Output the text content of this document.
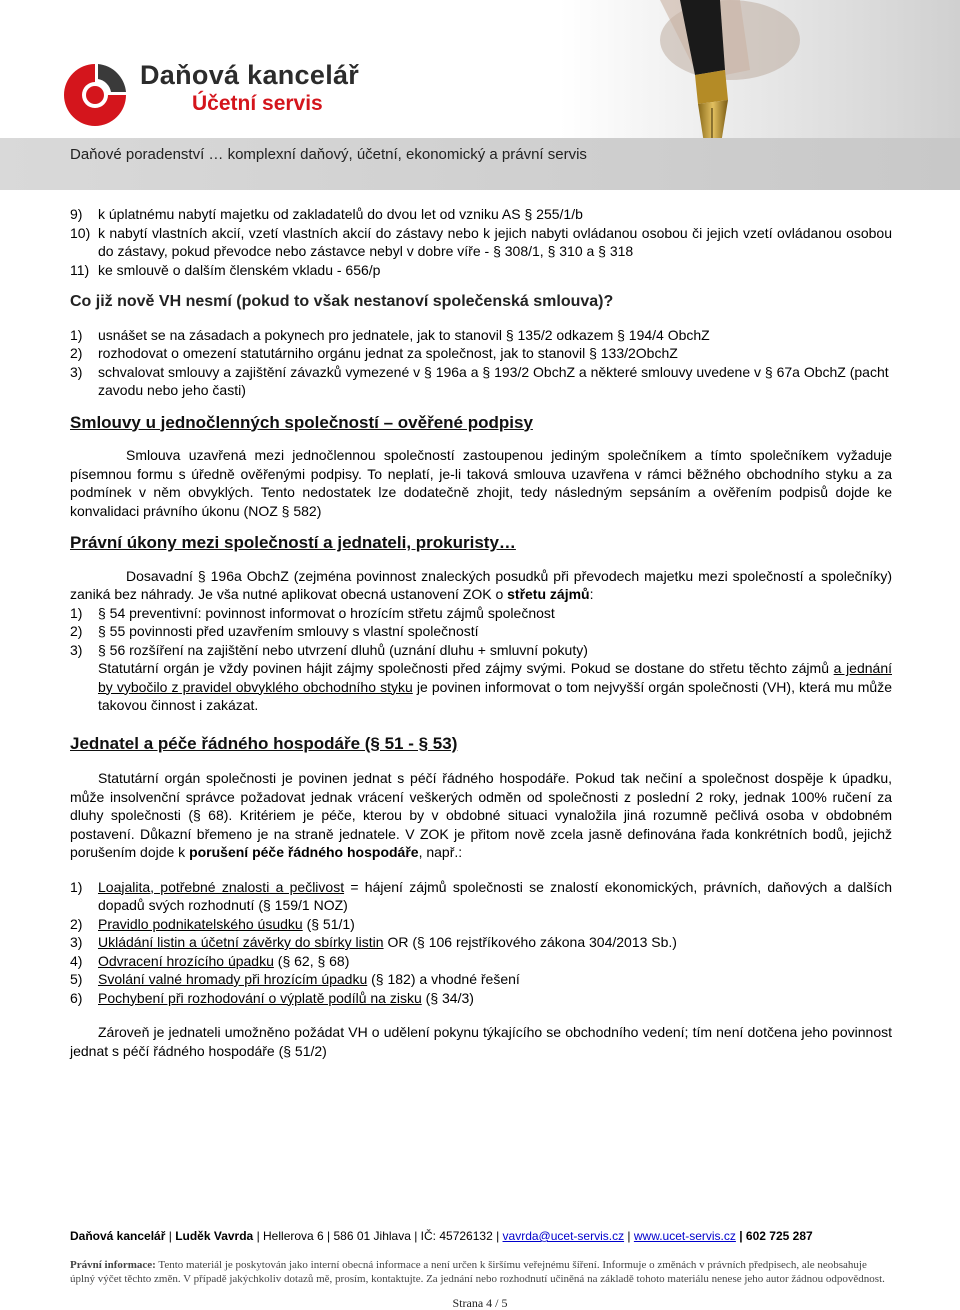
Daňová kancelář
Účetní servis
Daňové poradenství … komplexní daňový, účetní, ekonomický a právní servis
9)	k úplatnému nabytí majetku od zakladatelů do dvou let od vzniku AS § 255/1/b
10) k nabytí vlastních akcií, vzetí vlastních akcií do zástavy nebo k jejich nabyti ovládanou osobou či jejich vzetí ovládanou osobou do zástavy, pokud převodce nebo zástavce nebyl v dobre víře - § 308/1, § 310 a § 318
11) ke smlouvě o dalším členském vkladu - 656/p
Co již nově VH nesmí (pokud to však nestanoví společenská smlouva)?
1)	usnášet se na zásadach a pokynech pro jednatele, jak to stanovil § 135/2 odkazem § 194/4 ObchZ
2)	rozhodovat o omezení statutárniho orgánu jednat za společnost, jak to stanovil § 133/2ObchZ
3)	schvalovat smlouvy a zajištění závazků vymezené v § 196a a § 193/2 ObchZ a některé smlouvy uvedene v § 67a ObchZ (pacht zavodu nebo jeho časti)
Smlouvy u jednočlenných společností – ověřené podpisy
Smlouva uzavřená mezi jednočlennou společností zastoupenou jediným společníkem a tímto společníkem vyžaduje písemnou formu s úředně ověřenými podpisy. To neplatí, je-li taková smlouva uzavřena v rámci běžného obchodního styku a za podmínek v něm obvyklých. Tento nedostatek lze dodatečně zhojit, tedy následným sepsáním a ověřením podpisů dojde ke konvalidaci právního úkonu (NOZ § 582)
Právní úkony mezi společností a jednateli, prokuristy…
Dosavadní § 196a ObchZ (zejména povinnost znaleckých posudků při převodech majetku mezi společností a společníky) zaniká bez náhrady. Je vša nutné aplikovat obecná ustanovení ZOK o střetu zájmů:
1)	§ 54 preventivní: povinnost informovat o hrozícím střetu zájmů společnost
2)	§ 55 povinnosti před uzavřením smlouvy s vlastní společností
3)	§ 56 rozšíření na zajištění nebo utvrzení dluhů (uznání dluhu + smluvní pokuty)
Statutární orgán je vždy povinen hájit zájmy společnosti před zájmy svými. Pokud se dostane do střetu těchto zájmů a jednání by vybočilo z pravidel obvyklého obchodního styku je povinen informovat o tom nejvyšší orgán společnosti (VH), která mu může takovou činnost i zakázat.
Jednatel a péče řádného hospodáře (§ 51 - § 53)
Statutární orgán společnosti je povinen jednat s péčí řádného hospodáře. Pokud tak nečiní a společnost dospěje k úpadku, může insolvenční správce požadovat jednak vrácení veškerých odměn od společnosti z poslední 2 roky, jednak 100% ručení za dluhy společnosti (§ 68). Kritériem je péče, kterou by v obdobné situaci vynaložila jiná rozumně pečlivá osoba v obdobném postavení. Důkazní břemeno je na straně jednatele. V ZOK je přitom nově zcela jasně definována řada konkrétních bodů, jejichž porušením dojde k porušení péče řádného hospodáře, např.:
1)	Loajalita, potřebné znalosti a pečlivost = hájení zájmů společnosti se znalostí ekonomických, právních, daňových a dalších dopadů svých rozhodnutí (§ 159/1 NOZ)
2)	Pravidlo podnikatelského úsudku (§ 51/1)
3)	Ukládání listin a účetní závěrky do sbírky listin OR (§ 106 rejstříkového zákona 304/2013 Sb.)
4)	Odvracení hrozícího úpadku (§ 62, § 68)
5)	Svolání valné hromady při hrozícím úpadku (§ 182) a vhodné řešení
6)	Pochybení při rozhodování o výplatě podílů na zisku (§ 34/3)
Zároveň je jednateli umožněno požádat VH o udělení pokynu týkajícího se obchodního vedení; tím není dotčena jeho povinnost jednat s péčí řádného hospodáře (§ 51/2)
Daňová kancelář | Luděk Vavrda | Hellerova 6 | 586 01 Jihlava | IČ: 45726132 | vavrda@ucet-servis.cz | www.ucet-servis.cz | 602 725 287
Právní informace: Tento materiál je poskytován jako interní obecná informace a není určen k širšímu veřejnému šíření. Informuje o změnách v právních předpisech, ale neobsahuje úplný výčet těchto změn. V případě jakýchkoliv dotazů mě, prosím, kontaktujte. Za jednání nebo rozhodnutí učiněná na základě tohoto materiálu nenese jeho autor žádnou odpovědnost.
Strana 4 / 5
